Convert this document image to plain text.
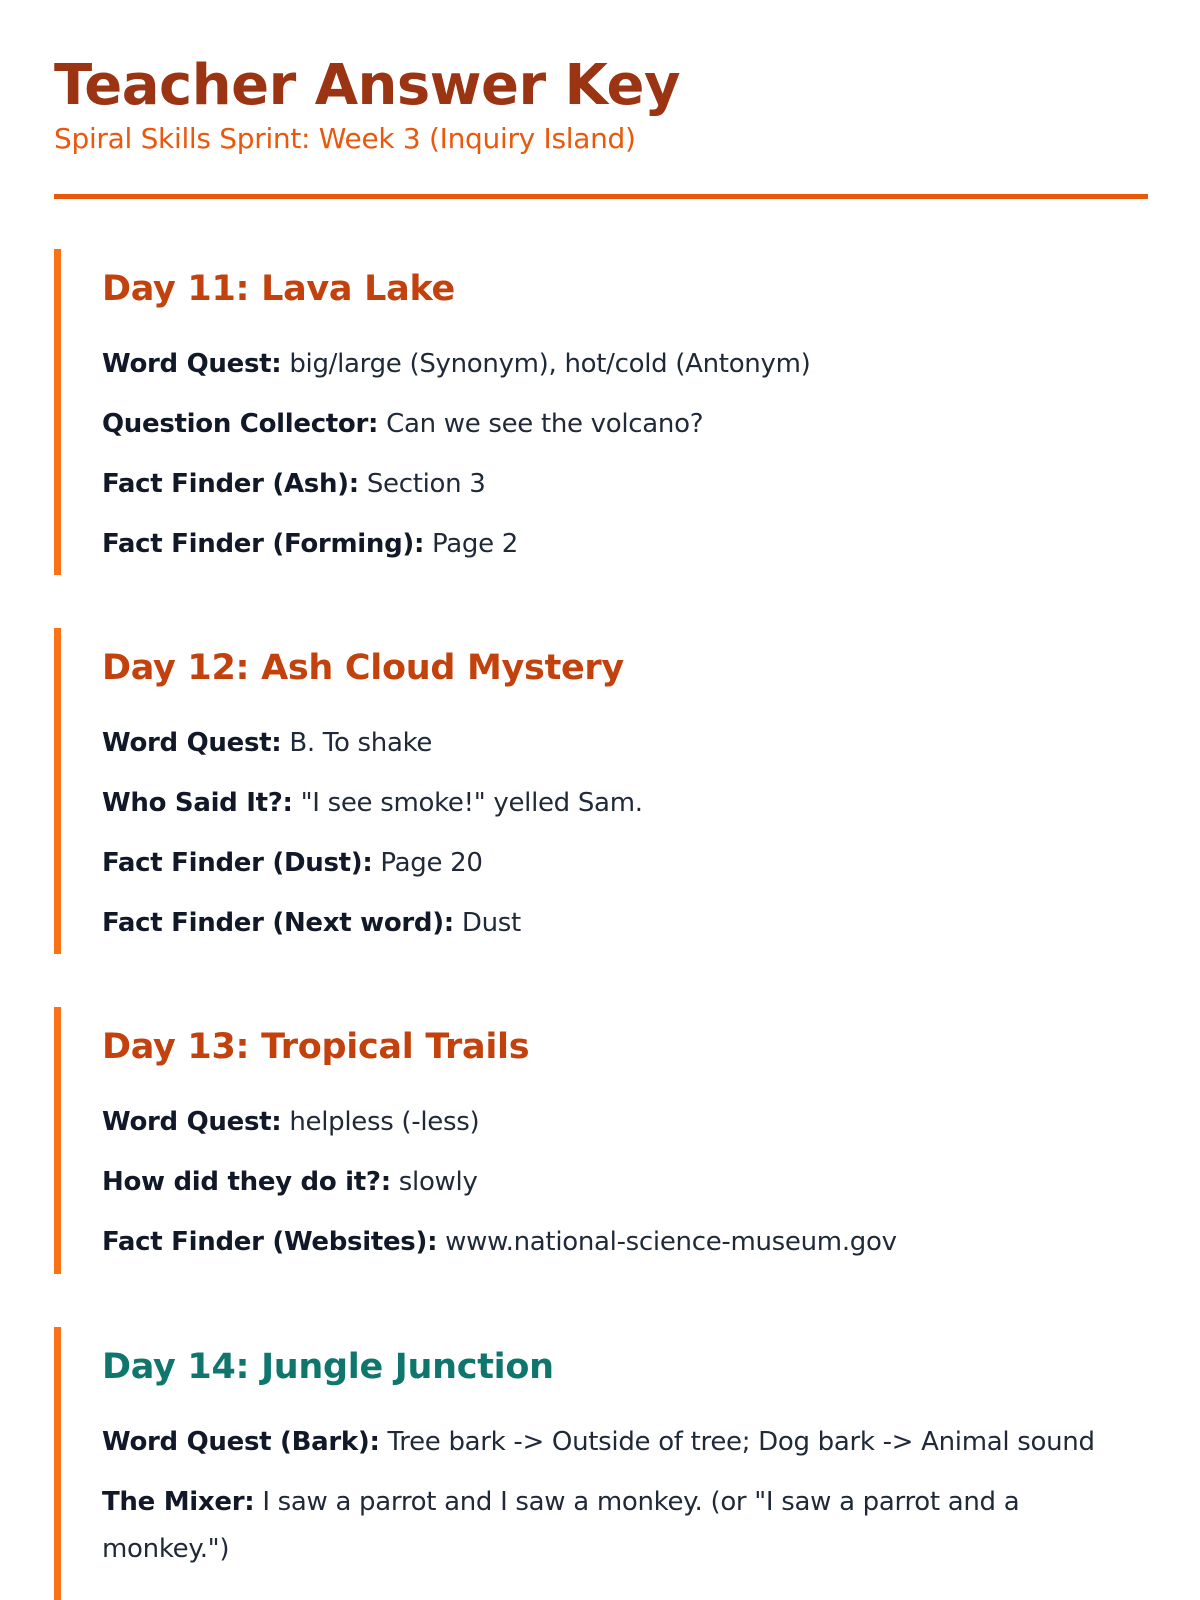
Teacher Answer Key

Spiral Skills Sprint: Week 3 (Inquiry Island)

Day 11: Lava Lake
Word Quest: big/large (Synonym), hot/cold (Antonym)
Question Collector: Can we see the volcano?
Fact Finder (Ash): Section 3
Fact Finder (Forming): Page 2
Day 12: Ash Cloud Mystery
Word Quest: B. To shake
Who Said It?: "I see smoke!" yelled Sam.
Fact Finder (Dust): Page 20
Fact Finder (Next word): Dust
Day 13: Tropical Trails
Word Quest: helpless (-less)
How did they do it?: slowly
Fact Finder (Websites): www.national-science-museum.gov
Day 14: Jungle Junction
Word Quest (Bark): Tree bark -> Outside of tree; Dog bark -> Animal sound
The Mixer: I saw a parrot and I saw a monkey. (or "I saw a parrot and a monkey.")
